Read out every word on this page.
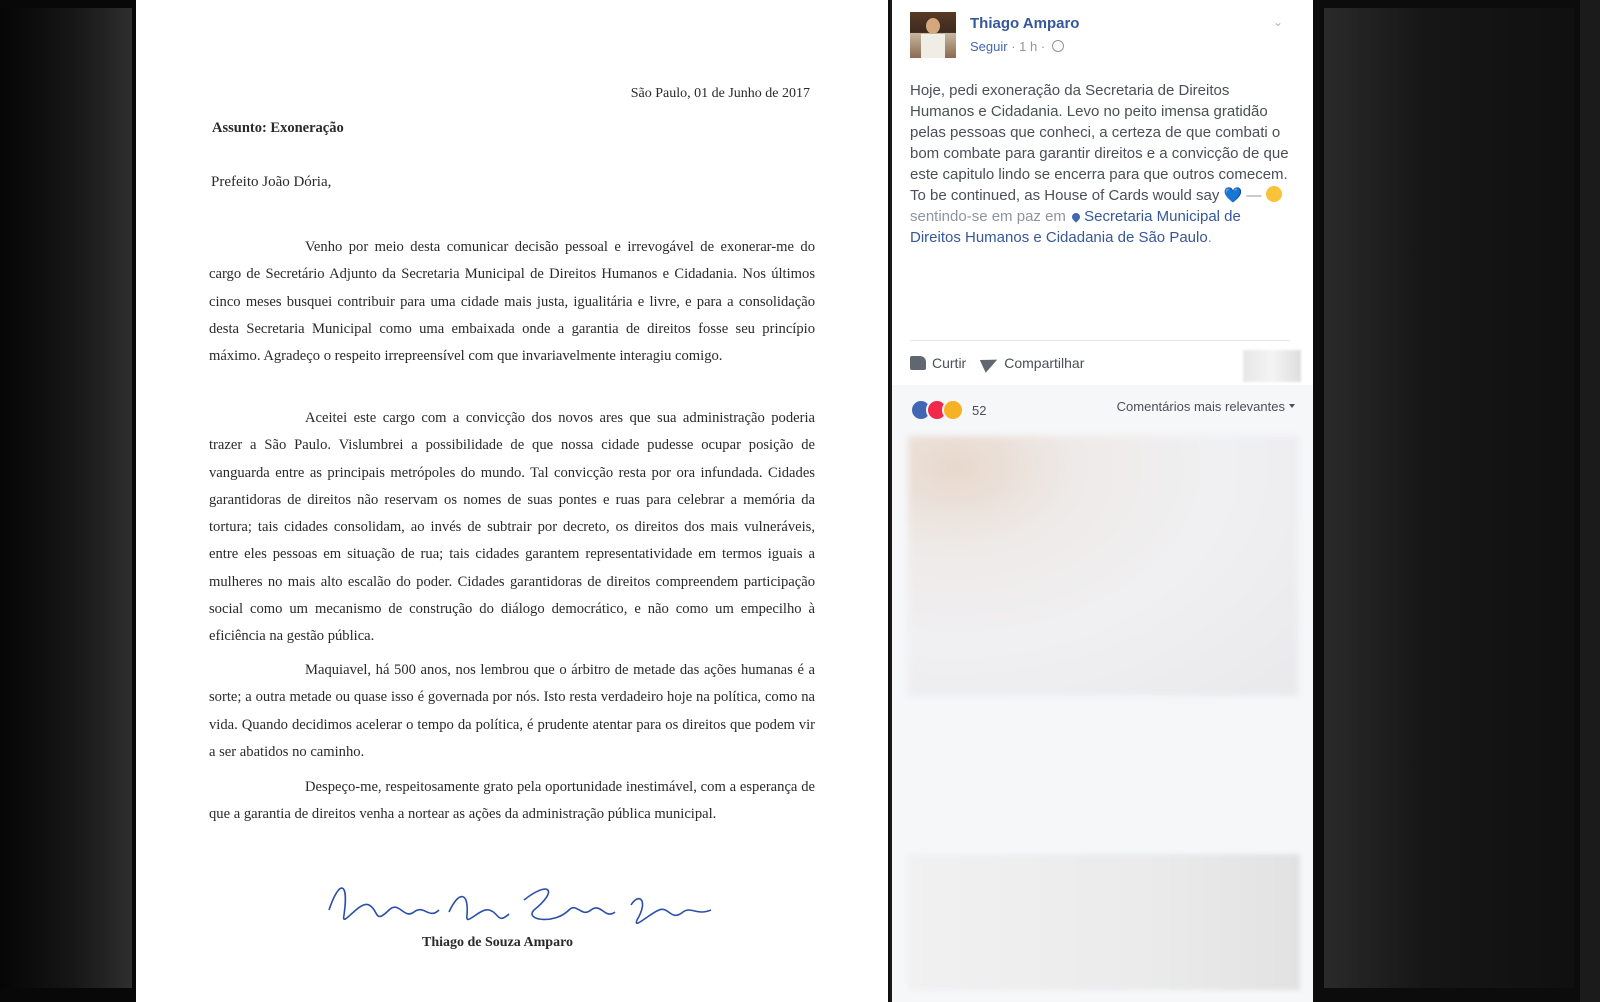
São Paulo, 01 de Junho de 2017
Assunto: Exoneração
Prefeito João Dória,

Venho por meio desta comunicar decisão pessoal e irrevogável de exonerar-me do cargo de Secretário Adjunto da Secretaria Municipal de Direitos Humanos e Cidadania. Nos últimos cinco meses busquei contribuir para uma cidade mais justa, igualitária e livre, e para a consolidação desta Secretaria Municipal como uma embaixada onde a garantia de direitos fosse seu princípio máximo. Agradeço o respeito irrepreensível com que invariavelmente interagiu comigo.

Aceitei este cargo com a convicção dos novos ares que sua administração poderia trazer a São Paulo. Vislumbrei a possibilidade de que nossa cidade pudesse ocupar posição de vanguarda entre as principais metrópoles do mundo. Tal convicção resta por ora infundada. Cidades garantidoras de direitos não reservam os nomes de suas pontes e ruas para celebrar a memória da tortura; tais cidades consolidam, ao invés de subtrair por decreto, os direitos dos mais vulneráveis, entre eles pessoas em situação de rua; tais cidades garantem representatividade em termos iguais a mulheres no mais alto escalão do poder. Cidades garantidoras de direitos compreendem participação social como um mecanismo de construção do diálogo democrático, e não como um empecilho à eficiência na gestão pública.

Maquiavel, há 500 anos, nos lembrou que o árbitro de metade das ações humanas é a sorte; a outra metade ou quase isso é governada por nós. Isto resta verdadeiro hoje na política, como na vida. Quando decidimos acelerar o tempo da política, é prudente atentar para os direitos que podem vir a ser abatidos no caminho.

Despeço-me, respeitosamente grato pela oportunidade inestimável, com a esperança de que a garantia de direitos venha a nortear as ações da administração pública municipal.

Thiago de Souza Amparo
Thiago Amparo
Seguir · 1 h ·
⌄

Hoje, pedi exoneração da Secretaria de Direitos Humanos e Cidadania. Levo no peito imensa gratidão pelas pessoas que conheci, a certeza de que combati o bom combate para garantir direitos e a convicção de que este capitulo lindo se encerra para que outros comecem. To be continued, as House of Cards would say 💙 —  sentindo-se em paz em Secretaria Municipal de Direitos Humanos e Cidadania de São Paulo.

Curtir	Compartilhar
52	Comentários mais relevantes
